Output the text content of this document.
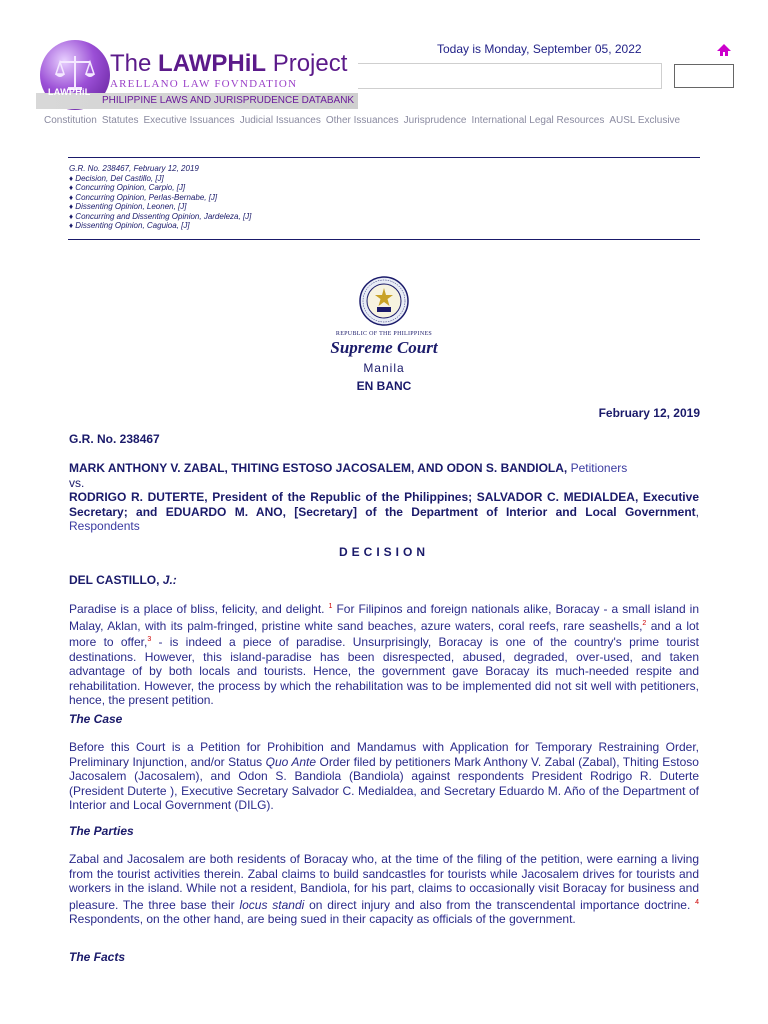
PHILIPPINE LAWS AND JURISPRUDENCE DATABANK
LAWPHiL
The LAWPHiL Project
ARELLANO LAW FOVNDATION
Today is Monday, September 05, 2022
Constitution Statutes Executive Issuances Judicial Issuances Other Issuances Jurisprudence International Legal Resources AUSL Exclusive
G.R. No. 238467, February 12, 2019
♦ Decision, Del Castillo, [J]
♦ Concurring Opinion, Carpio, [J]
♦ Concurring Opinion, Perlas-Bernabe, [J]
♦ Dissenting Opinion, Leonen, [J]
♦ Concurring and Dissenting Opinion, Jardeleza, [J]
♦ Dissenting Opinion, Caguioa, [J]
REPUBLIC OF THE PHILIPPINES
Supreme Court
Manila
EN BANC
February 12, 2019
G.R. No. 238467
MARK ANTHONY V. ZABAL, THITING ESTOSO JACOSALEM, AND ODON S. BANDIOLA, Petitioners
vs.
RODRIGO R. DUTERTE, President of the Republic of the Philippines; SALVADOR C. MEDIALDEA, Executive Secretary; and EDUARDO M. ANO, [Secretary] of the Department of Interior and Local Government, Respondents
DECISION
DEL CASTILLO, J.:
Paradise is a place of bliss, felicity, and delight. $^1$ For Filipinos and foreign nationals alike, Boracay - a small island in Malay, Aklan, with its palm-fringed, pristine white sand beaches, azure waters, coral reefs, rare seashells,$^2$ and a lot more to offer,$^3$ - is indeed a piece of paradise. Unsurprisingly, Boracay is one of the country's prime tourist destinations. However, this island-paradise has been disrespected, abused, degraded, over-used, and taken advantage of by both locals and tourists. Hence, the government gave Boracay its much-needed respite and rehabilitation. However, the process by which the rehabilitation was to be implemented did not sit well with petitioners, hence, the present petition.
The Case
Before this Court is a Petition for Prohibition and Mandamus with Application for Temporary Restraining Order, Preliminary Injunction, and/or Status Quo Ante Order filed by petitioners Mark Anthony V. Zabal (Zabal), Thiting Estoso Jacosalem (Jacosalem), and Odon S. Bandiola (Bandiola) against respondents President Rodrigo R. Duterte (President Duterte ), Executive Secretary Salvador C. Medialdea, and Secretary Eduardo M. Año of the Department of Interior and Local Government (DILG).
The Parties
Zabal and Jacosalem are both residents of Boracay who, at the time of the filing of the petition, were earning a living from the tourist activities therein. Zabal claims to build sandcastles for tourists while Jacosalem drives for tourists and workers in the island. While not a resident, Bandiola, for his part, claims to occasionally visit Boracay for business and pleasure. The three base their locus standi on direct injury and also from the transcendental importance doctrine. $^4$ Respondents, on the other hand, are being sued in their capacity as officials of the government.
The Facts
